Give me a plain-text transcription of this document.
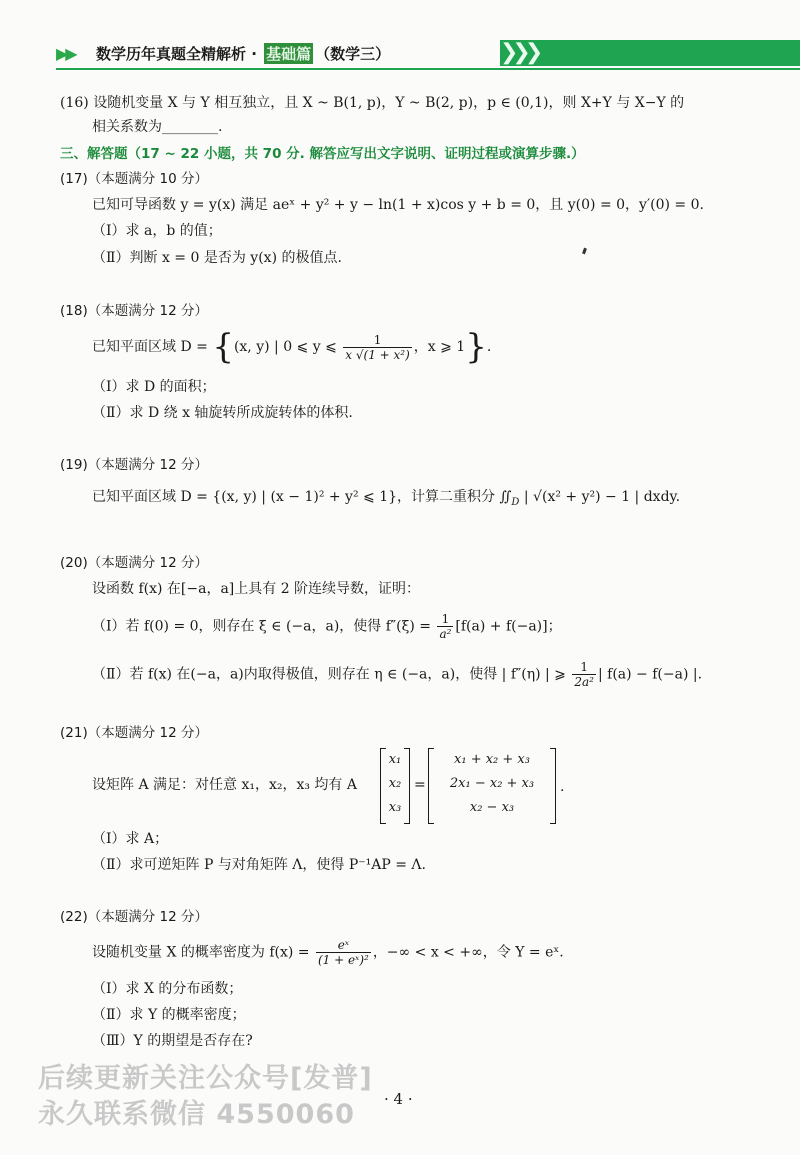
▶▶ 数学历年真题全精解析 · 基础篇 （数学三）	❯❯❯
(16) 设随机变量 X 与 Y 相互独立，且 X ~ B(1, p)，Y ~ B(2, p)，p ∈ (0,1)，则 X+Y 与 X−Y 的
相关系数为________.
三、解答题（17 ~ 22 小题，共 70 分. 解答应写出文字说明、证明过程或演算步骤.）
(17)（本题满分 10 分）
已知可导函数 y = y(x) 满足 aeˣ + y² + y − ln(1 + x)cos y + b = 0，且 y(0) = 0，y′(0) = 0.
（Ⅰ）求 a，b 的值；
（Ⅱ）判断 x = 0 是否为 y(x) 的极值点.
(18)（本题满分 12 分）
已知平面区域 D = {(x, y) | 0 ⩽ y ⩽ $\frac{1}{\text{x √(1 + x²)}}$ ，x ⩾ 1}.
（Ⅰ）求 D 的面积；
（Ⅱ）求 D 绕 x 轴旋转所成旋转体的体积.
(19)（本题满分 12 分）
已知平面区域 D = {(x, y) | (x − 1)² + y² ⩽ 1}，计算二重积分 $∬_D$ | √(x² + y²) − 1 | dxdy.
(20)（本题满分 12 分）
设函数 f(x) 在[−a，a]上具有 2 阶连续导数，证明：
（Ⅰ）若 f(0) = 0，则存在 ξ ∈ (−a，a)，使得 $f''(\xi) = \frac{1}{\text{a²}} [f(a) + f(-a)]$；
（Ⅱ）若 f(x) 在(−a，a)内取得极值，则存在 η ∈ (−a，a)，使得 | f″(η) | ⩾ $\frac{1}{\text{2a²}}$ | f(a) − f(−a) |.
(21)（本题满分 12 分）
设矩阵 A 满足：对任意 x₁，x₂，x₃ 均有 A
x₁
x₂
x₃
=
x₁ + x₂ + x₃
2x₁ − x₂ + x₃
x₂ − x₃
.
（Ⅰ）求 A；
（Ⅱ）求可逆矩阵 P 与对角矩阵 Λ，使得 P⁻¹AP = Λ.
(22)（本题满分 12 分）
设随机变量 X 的概率密度为 $f(x) = \frac{\text{eˣ}}{\text{(1 + eˣ)²}}$ ，−∞ < x < +∞，令 Y = eˣ.
（Ⅰ）求 X 的分布函数；
（Ⅱ）求 Y 的概率密度；
（Ⅲ）Y 的期望是否存在?
后续更新关注公众号[发普]
永久联系微信 4550060 · 4 ·
